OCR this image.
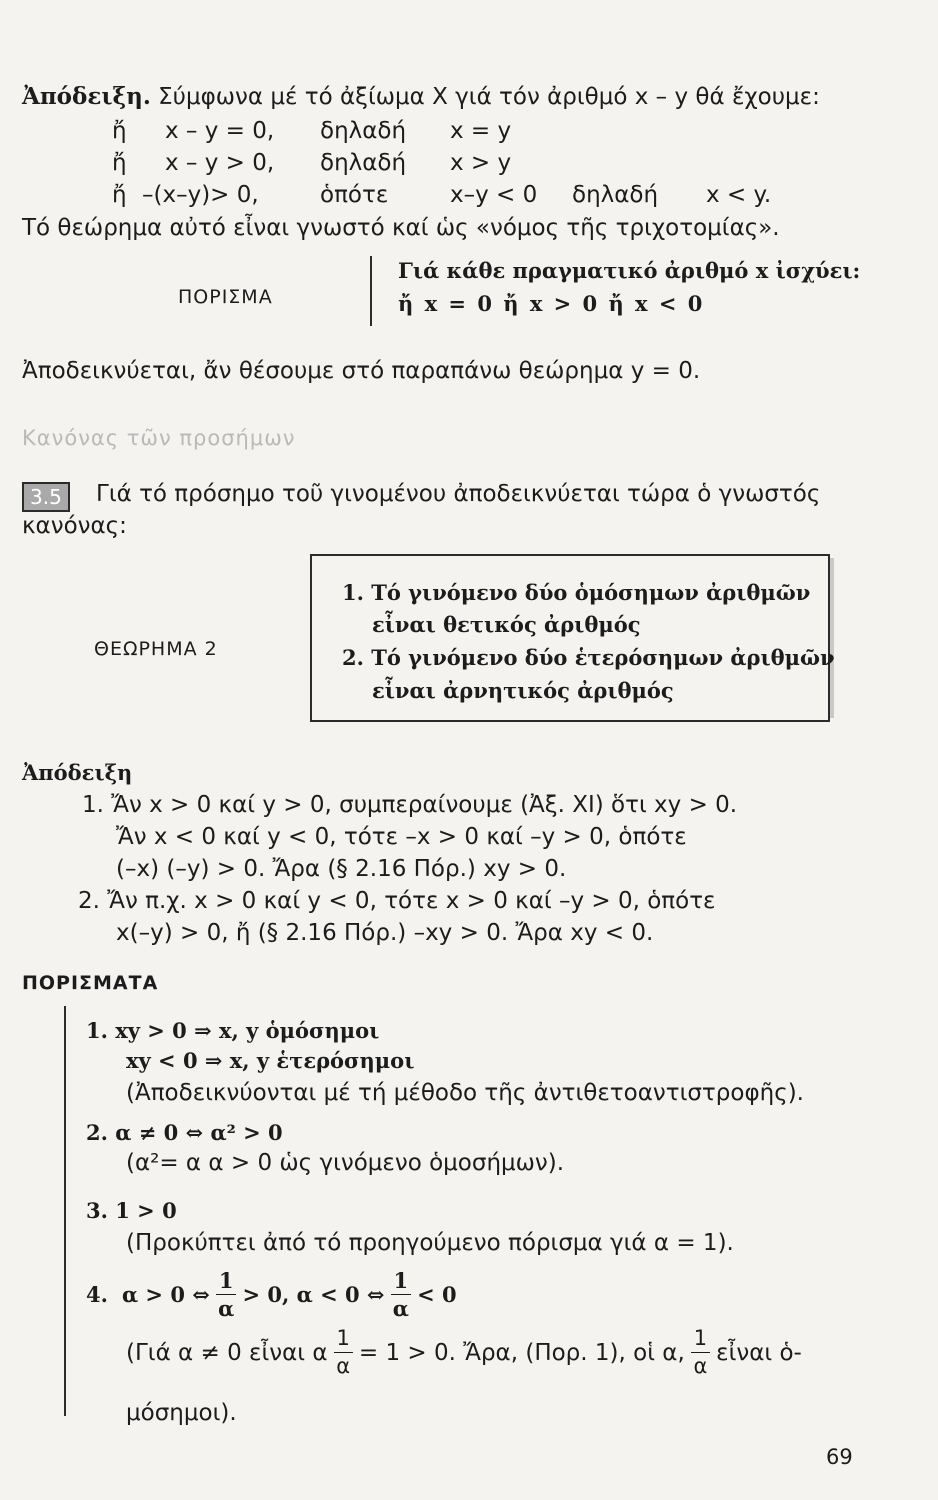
Ἀπόδειξη. Σύμφωνα μέ τό ἀξίωμα X γιά τόν ἀριθμό x – y θά ἔχουμε:
ἤ x – y = 0, δηλαδή x = y
ἤ x – y > 0, δηλαδή x > y
ἤ –(x–y)> 0,	ὁπότε	x–y < 0 δηλαδή x < y.
Τό θεώρημα αὐτό εἶναι γνωστό καί ὡς «νόμος τῆς τριχοτομίας».
ΠΟΡΙΣΜΑ
Γιά κάθε πραγματικό ἀριθμό x ἰσχύει:
ἤ x = 0 ἤ x > 0 ἤ x < 0
Ἀποδεικνύεται, ἄν θέσουμε στό παραπάνω θεώρημα y = 0.
Κανόνας τῶν προσήμων
3.5	Γιά τό πρόσημο τοῦ γινομένου ἀποδεικνύεται τώρα ὁ γνωστός
κανόνας:
ΘΕΩΡΗΜΑ 2
1. Τό γινόμενο δύο ὁμόσημων ἀριθμῶν
εἶναι θετικός ἀριθμός
2. Τό γινόμενο δύο ἑτερόσημων ἀριθμῶν
εἶναι ἀρνητικός ἀριθμός
Ἀπόδειξη
1. Ἄν x > 0 καί y > 0, συμπεραίνουμε (Ἀξ. XI) ὅτι xy > 0.
Ἄν x < 0 καί y < 0, τότε –x > 0 καί –y > 0, ὁπότε
(–x) (–y) > 0. Ἄρα (§ 2.16 Πόρ.) xy > 0.
2. Ἄν π.χ. x > 0 καί y < 0, τότε x > 0 καί –y > 0, ὁπότε
x(–y) > 0, ἤ (§ 2.16 Πόρ.) –xy > 0. Ἄρα xy < 0.
ΠΟΡΙΣΜΑΤΑ
1. xy > 0 ⇒ x, y ὁμόσημοι
xy < 0 ⇒ x, y ἑτερόσημοι
(Ἀποδεικνύονται μέ τή μέθοδο τῆς ἀντιθετοαντιστροφῆς).
2. α ≠ 0 ⇔ α² > 0
(α²= α α > 0 ὡς γινόμενο ὁμοσήμων).
3. 1 > 0
(Προκύπτει ἀπό τό προηγούμενο πόρισμα γιά α = 1).
4. α > 0 ⇔ $\frac{1}{\alpha} > 0$, α < 0 ⇔ $\frac{1}{\alpha} < 0$
(Γιά α ≠ 0 εἶναι α $\frac{1}{\alpha} = 1 > 0$. Ἄρα, (Πορ. 1), οἱ α, $\frac{1}{\alpha}$ εἶναι ὁ-
μόσημοι).
69
